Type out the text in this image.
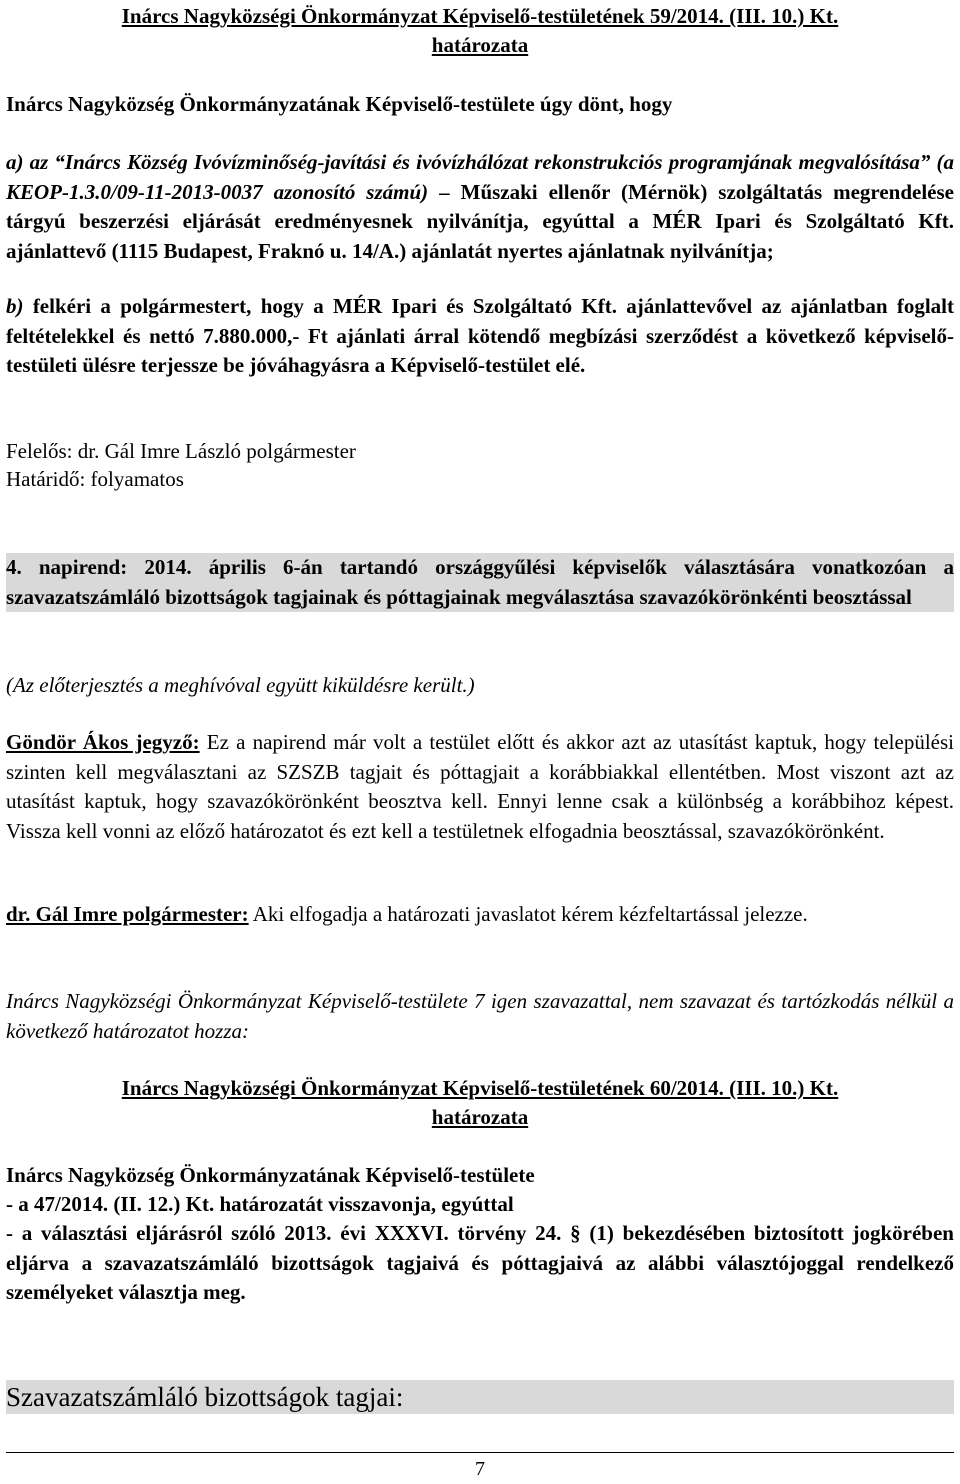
Inárcs Nagyközségi Önkormányzat Képviselő-testületének 59/2014. (III. 10.) Kt.
határozata
Inárcs Nagyközség Önkormányzatának Képviselő-testülete úgy dönt, hogy
a) az “Inárcs Község Ivóvízminőség-javítási és ivóvízhálózat rekonstrukciós programjának megvalósítása” (a KEOP-1.3.0/09-11-2013-0037 azonosító számú) – Műszaki ellenőr (Mérnök) szolgáltatás megrendelése tárgyú beszerzési eljárását eredményesnek nyilvánítja, egyúttal a MÉR Ipari és Szolgáltató Kft. ajánlattevő (1115 Budapest, Fraknó u. 14/A.) ajánlatát nyertes ajánlatnak nyilvánítja;
b) felkéri a polgármestert, hogy a MÉR Ipari és Szolgáltató Kft. ajánlattevővel az ajánlatban foglalt feltételekkel és nettó 7.880.000,- Ft ajánlati árral kötendő megbízási szerződést a következő képviselő-testületi ülésre terjessze be jóváhagyásra a Képviselő-testület elé.
Felelős: dr. Gál Imre László polgármester
Határidő: folyamatos
4. napirend: 2014. április 6-án tartandó országgyűlési képviselők választására vonatkozóan a szavazatszámláló bizottságok tagjainak és póttagjainak megválasztása szavazókörönkénti beosztással
(Az előterjesztés a meghívóval együtt kiküldésre került.)
Göndör Ákos jegyző: Ez a napirend már volt a testület előtt és akkor azt az utasítást kaptuk, hogy települési szinten kell megválasztani az SZSZB tagjait és póttagjait a korábbiakkal ellentétben. Most viszont azt az utasítást kaptuk, hogy szavazókörönként beosztva kell. Ennyi lenne csak a különbség a korábbihoz képest. Vissza kell vonni az előző határozatot és ezt kell a testületnek elfogadnia beosztással, szavazókörönként.
dr. Gál Imre polgármester: Aki elfogadja a határozati javaslatot kérem kézfeltartással jelezze.
Inárcs Nagyközségi Önkormányzat Képviselő-testülete 7 igen szavazattal, nem szavazat és tartózkodás nélkül a következő határozatot hozza:
Inárcs Nagyközségi Önkormányzat Képviselő-testületének 60/2014. (III. 10.) Kt.
határozata
Inárcs Nagyközség Önkormányzatának Képviselő-testülete
- a 47/2014. (II. 12.) Kt. határozatát visszavonja, egyúttal
- a választási eljárásról szóló 2013. évi XXXVI. törvény 24. § (1) bekezdésében biztosított jogkörében eljárva a szavazatszámláló bizottságok tagjaivá és póttagjaivá az alábbi választójoggal rendelkező személyeket választja meg.
Szavazatszámláló bizottságok tagjai:
7
